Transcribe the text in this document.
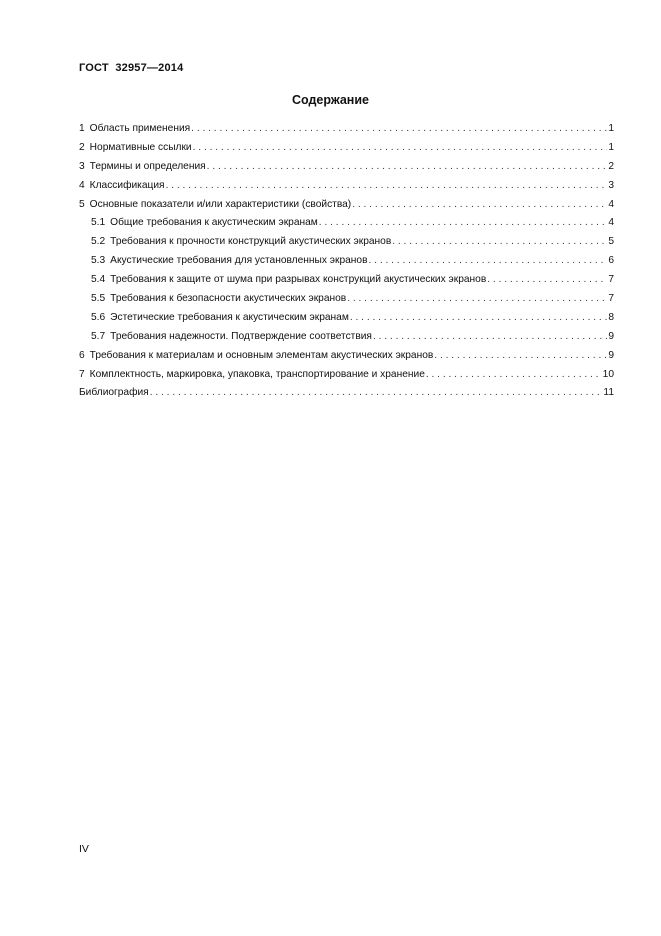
ГОСТ  32957—2014
Содержание
1 Область применения . . .	1
2 Нормативные ссылки . . .	1
3 Термины и определения . . .	2
4 Классификация . . .	3
5 Основные показатели и/или характеристики (свойства) . . .	4
5.1 Общие требования к акустическим экранам . . .	4
5.2 Требования к прочности конструкций акустических экранов . . .	5
5.3 Акустические требования для установленных экранов . . .	6
5.4 Требования к защите от шума при разрывах конструкций акустических экранов . . .	7
5.5 Требования к безопасности акустических экранов . . .	7
5.6 Эстетические требования к акустическим экранам . . .	8
5.7 Требования надежности. Подтверждение соответствия . . .	9
6 Требования к материалам и основным элементам акустических экранов . . .	9
7 Комплектность, маркировка, упаковка, транспортирование и хранение . . .	10
Библиография . . .	11
IV
